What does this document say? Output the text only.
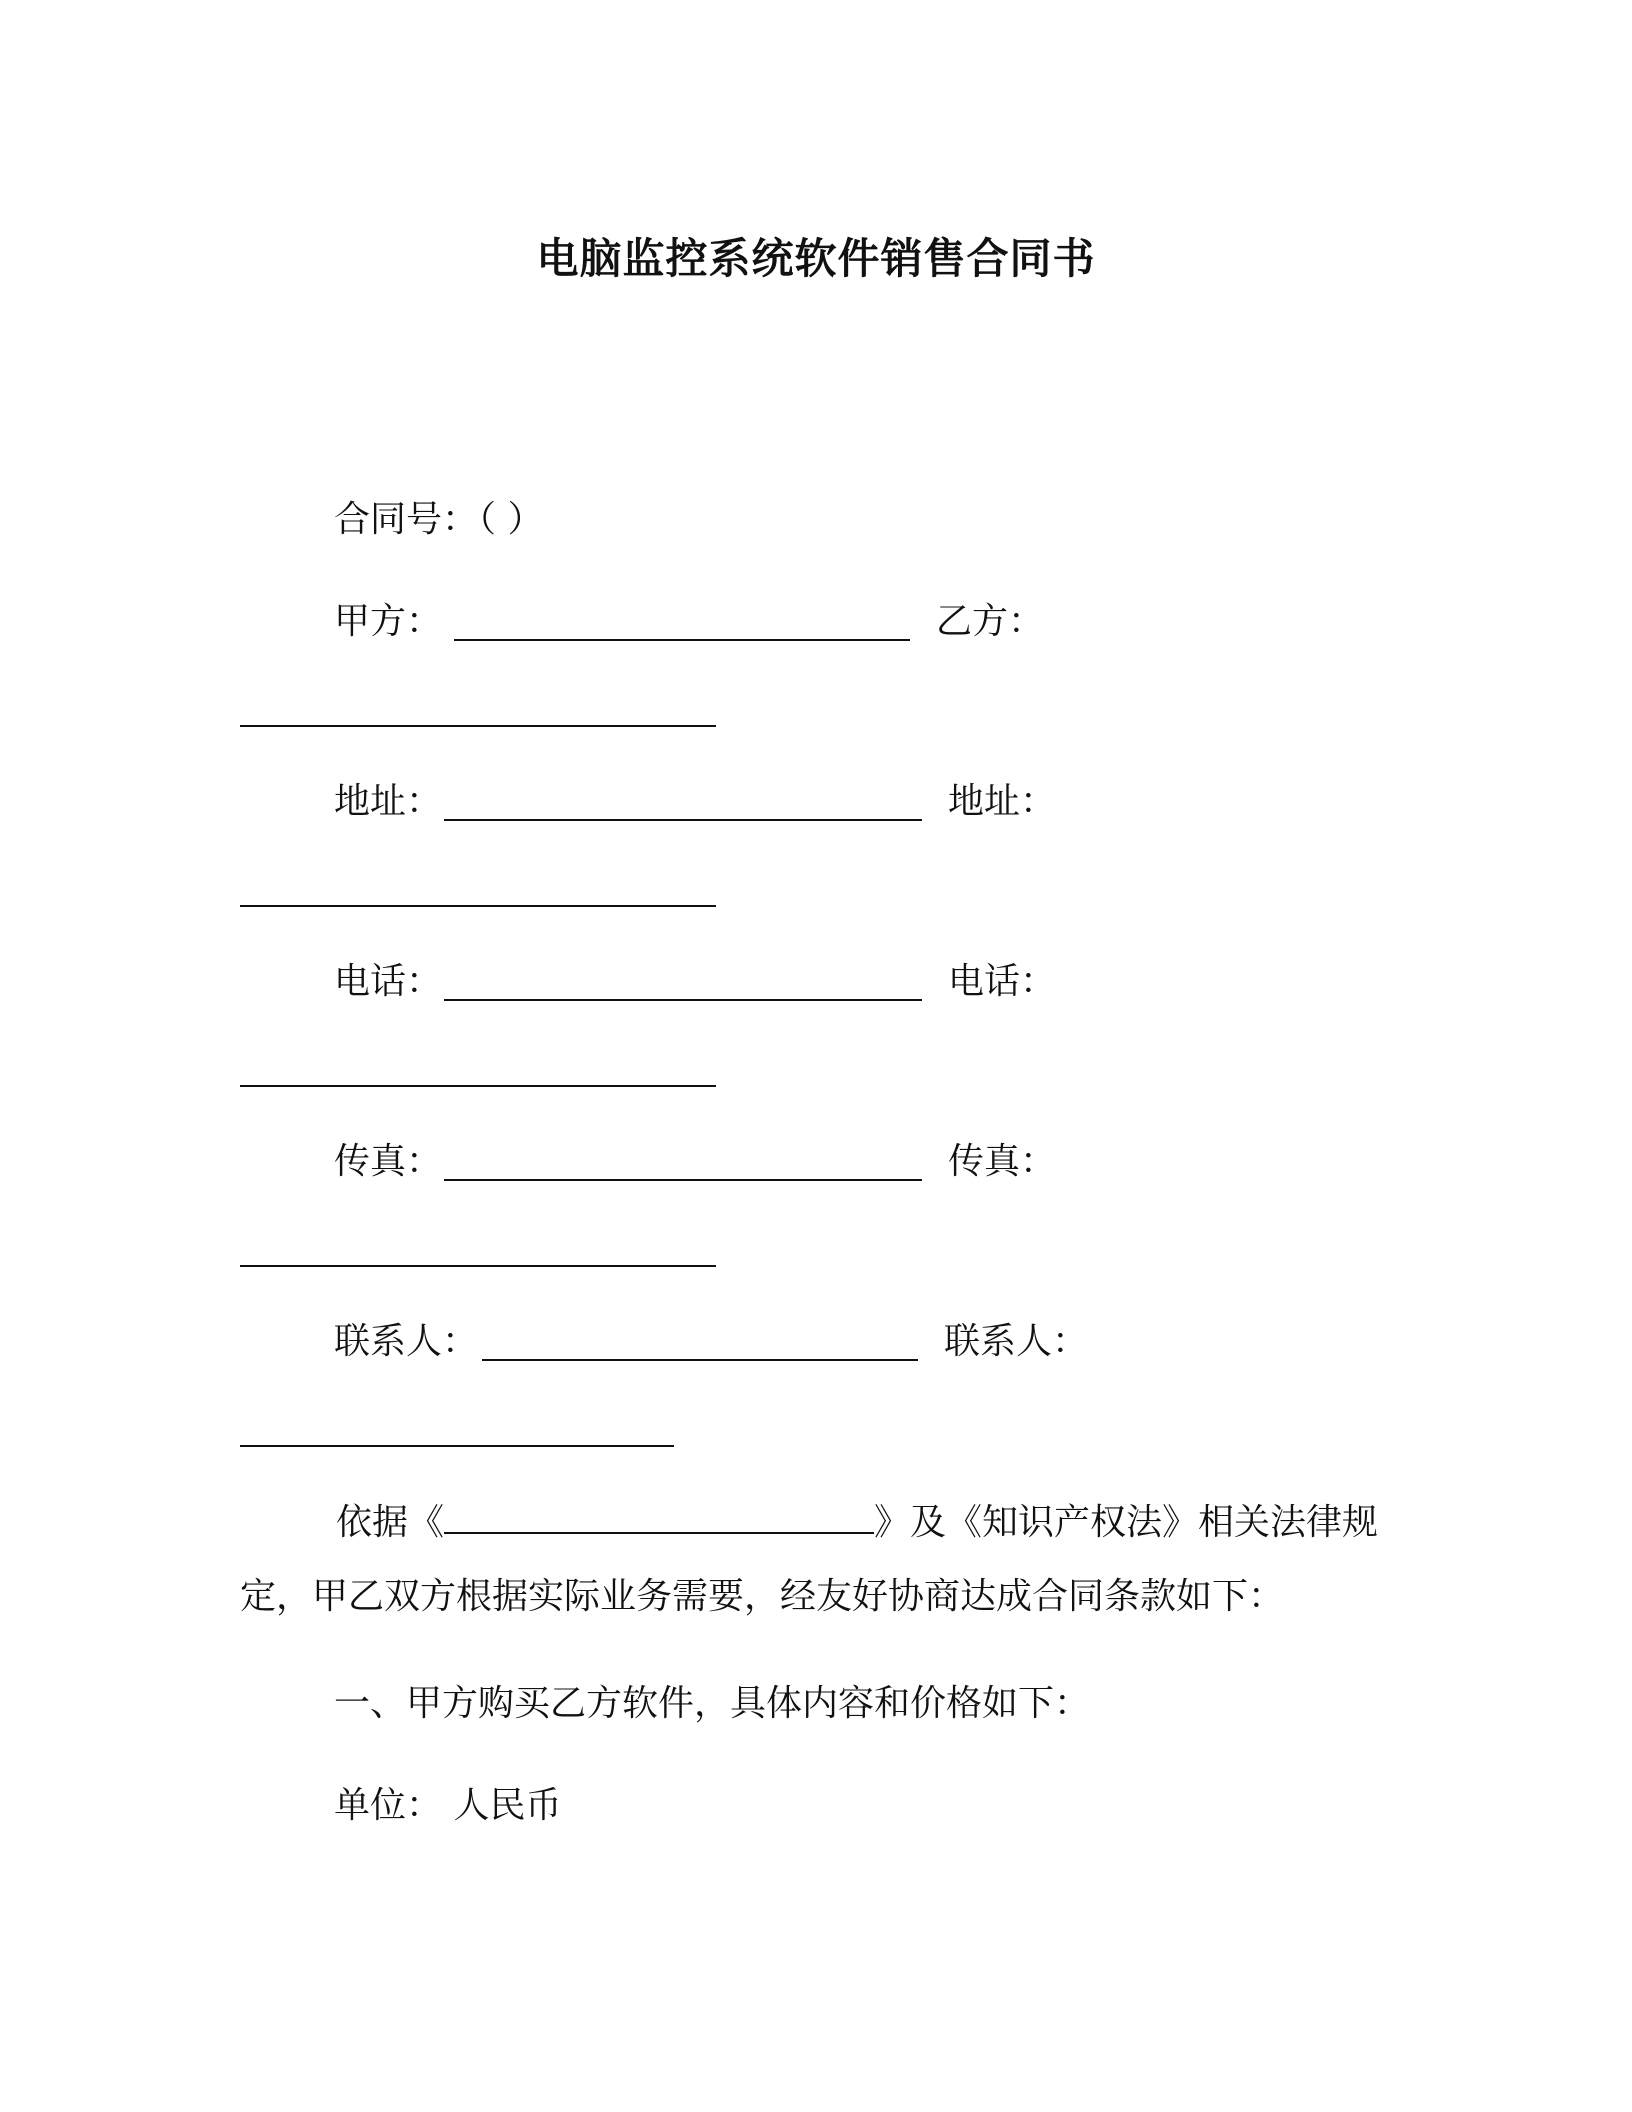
电脑监控系统软件销售合同书
合同号：（ ）
甲方：	乙方：
地址：	地址：
电话：	电话：
传真：	传真：
联系人：	联系人：
依据《	》及《知识产权法》相关法律规定，甲乙双方根据实际业务需要，经友好协商达成合同条款如下：
一、甲方购买乙方软件，具体内容和价格如下：
单位： 人民币
